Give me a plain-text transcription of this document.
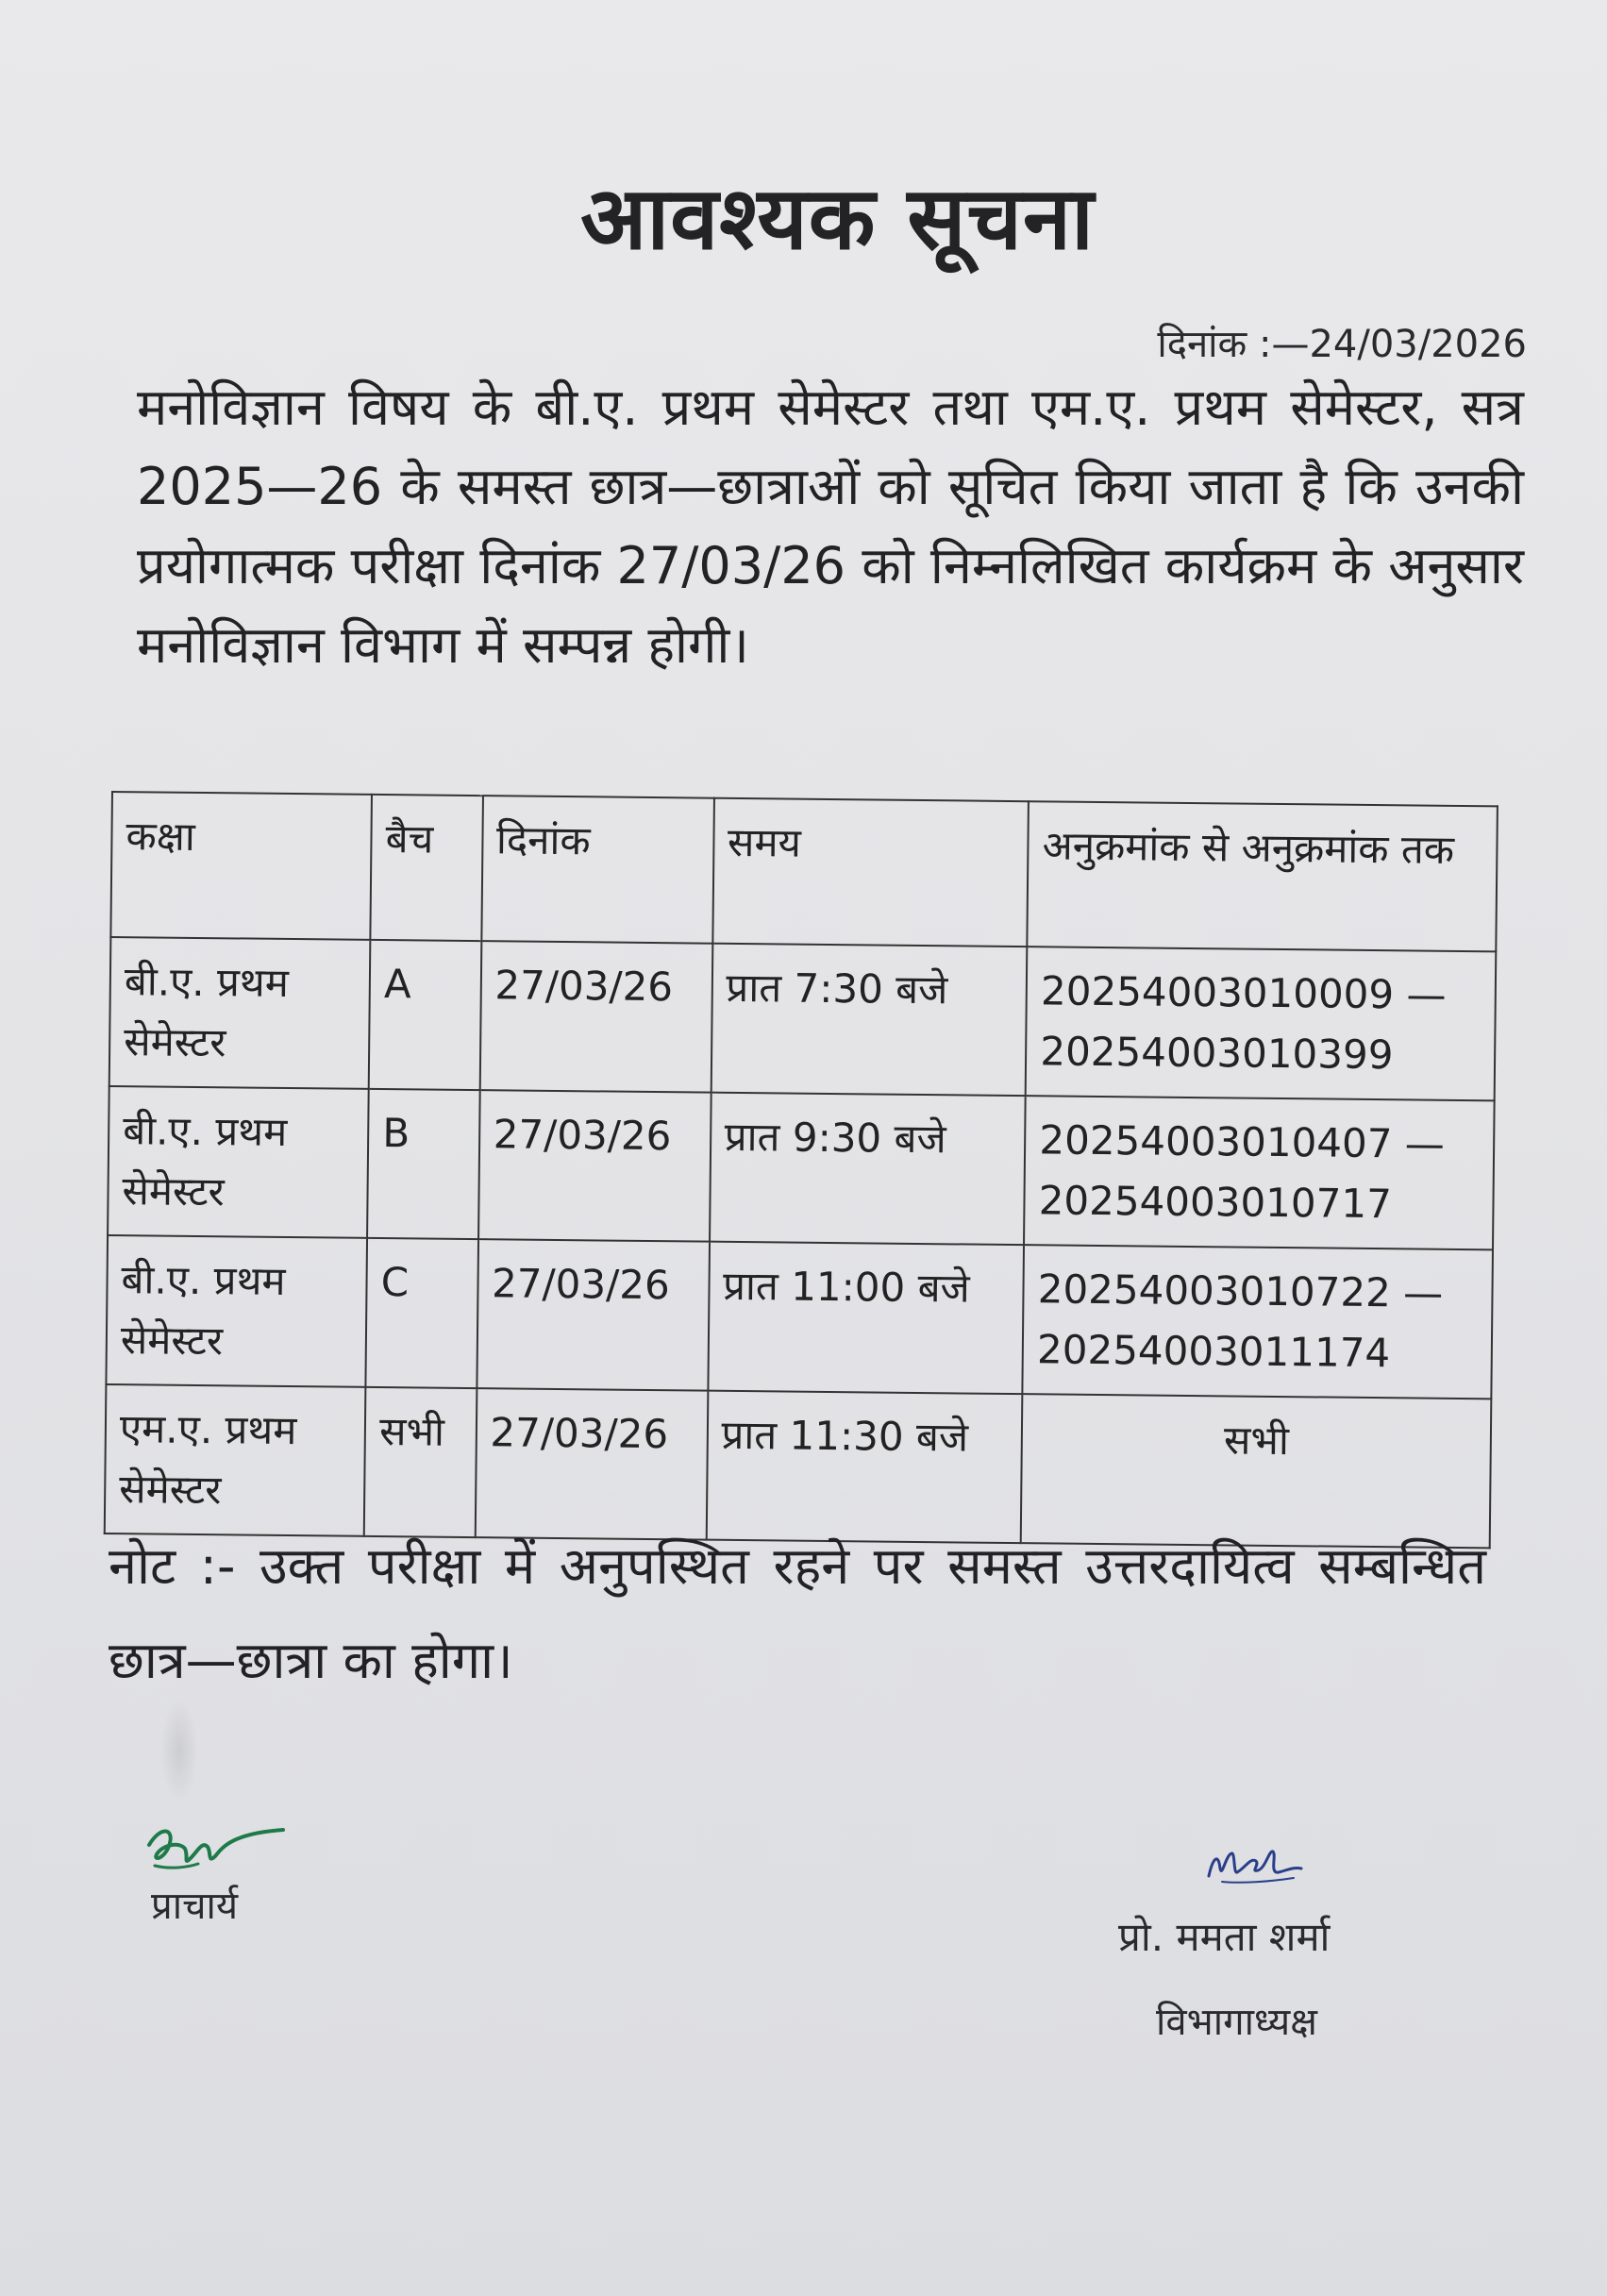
आवश्यक सूचना
दिनांक :—24/03/2026
मनोविज्ञान विषय के बी.ए. प्रथम सेमेस्टर तथा एम.ए. प्रथम सेमेस्टर, सत्र 2025—26 के समस्त छात्र—छात्राओं को सूचित किया जाता है कि उनकी प्रयोगात्मक परीक्षा दिनांक 27/03/26 को निम्नलिखित कार्यक्रम के अनुसार मनोविज्ञान विभाग में सम्पन्न होगी।
कक्षा	बैच	दिनांक	समय	अनुक्रमांक से अनुक्रमांक तक
बी.ए. प्रथम सेमेस्टर	A	27/03/26	प्रात 7:30 बजे	20254003010009 —
20254003010399

बी.ए. प्रथम सेमेस्टर	B	27/03/26	प्रात 9:30 बजे	20254003010407 —
20254003010717

बी.ए. प्रथम सेमेस्टर	C	27/03/26	प्रात 11:00 बजे	20254003010722 —
20254003011174

एम.ए. प्रथम सेमेस्टर	सभी	27/03/26	प्रात 11:30 बजे	सभी
नोट :- उक्त परीक्षा में अनुपस्थित रहने पर समस्त उत्तरदायित्व सम्बन्धित छात्र—छात्रा का होगा।
प्राचार्य
प्रो. ममता शर्मा
विभागाध्यक्ष
